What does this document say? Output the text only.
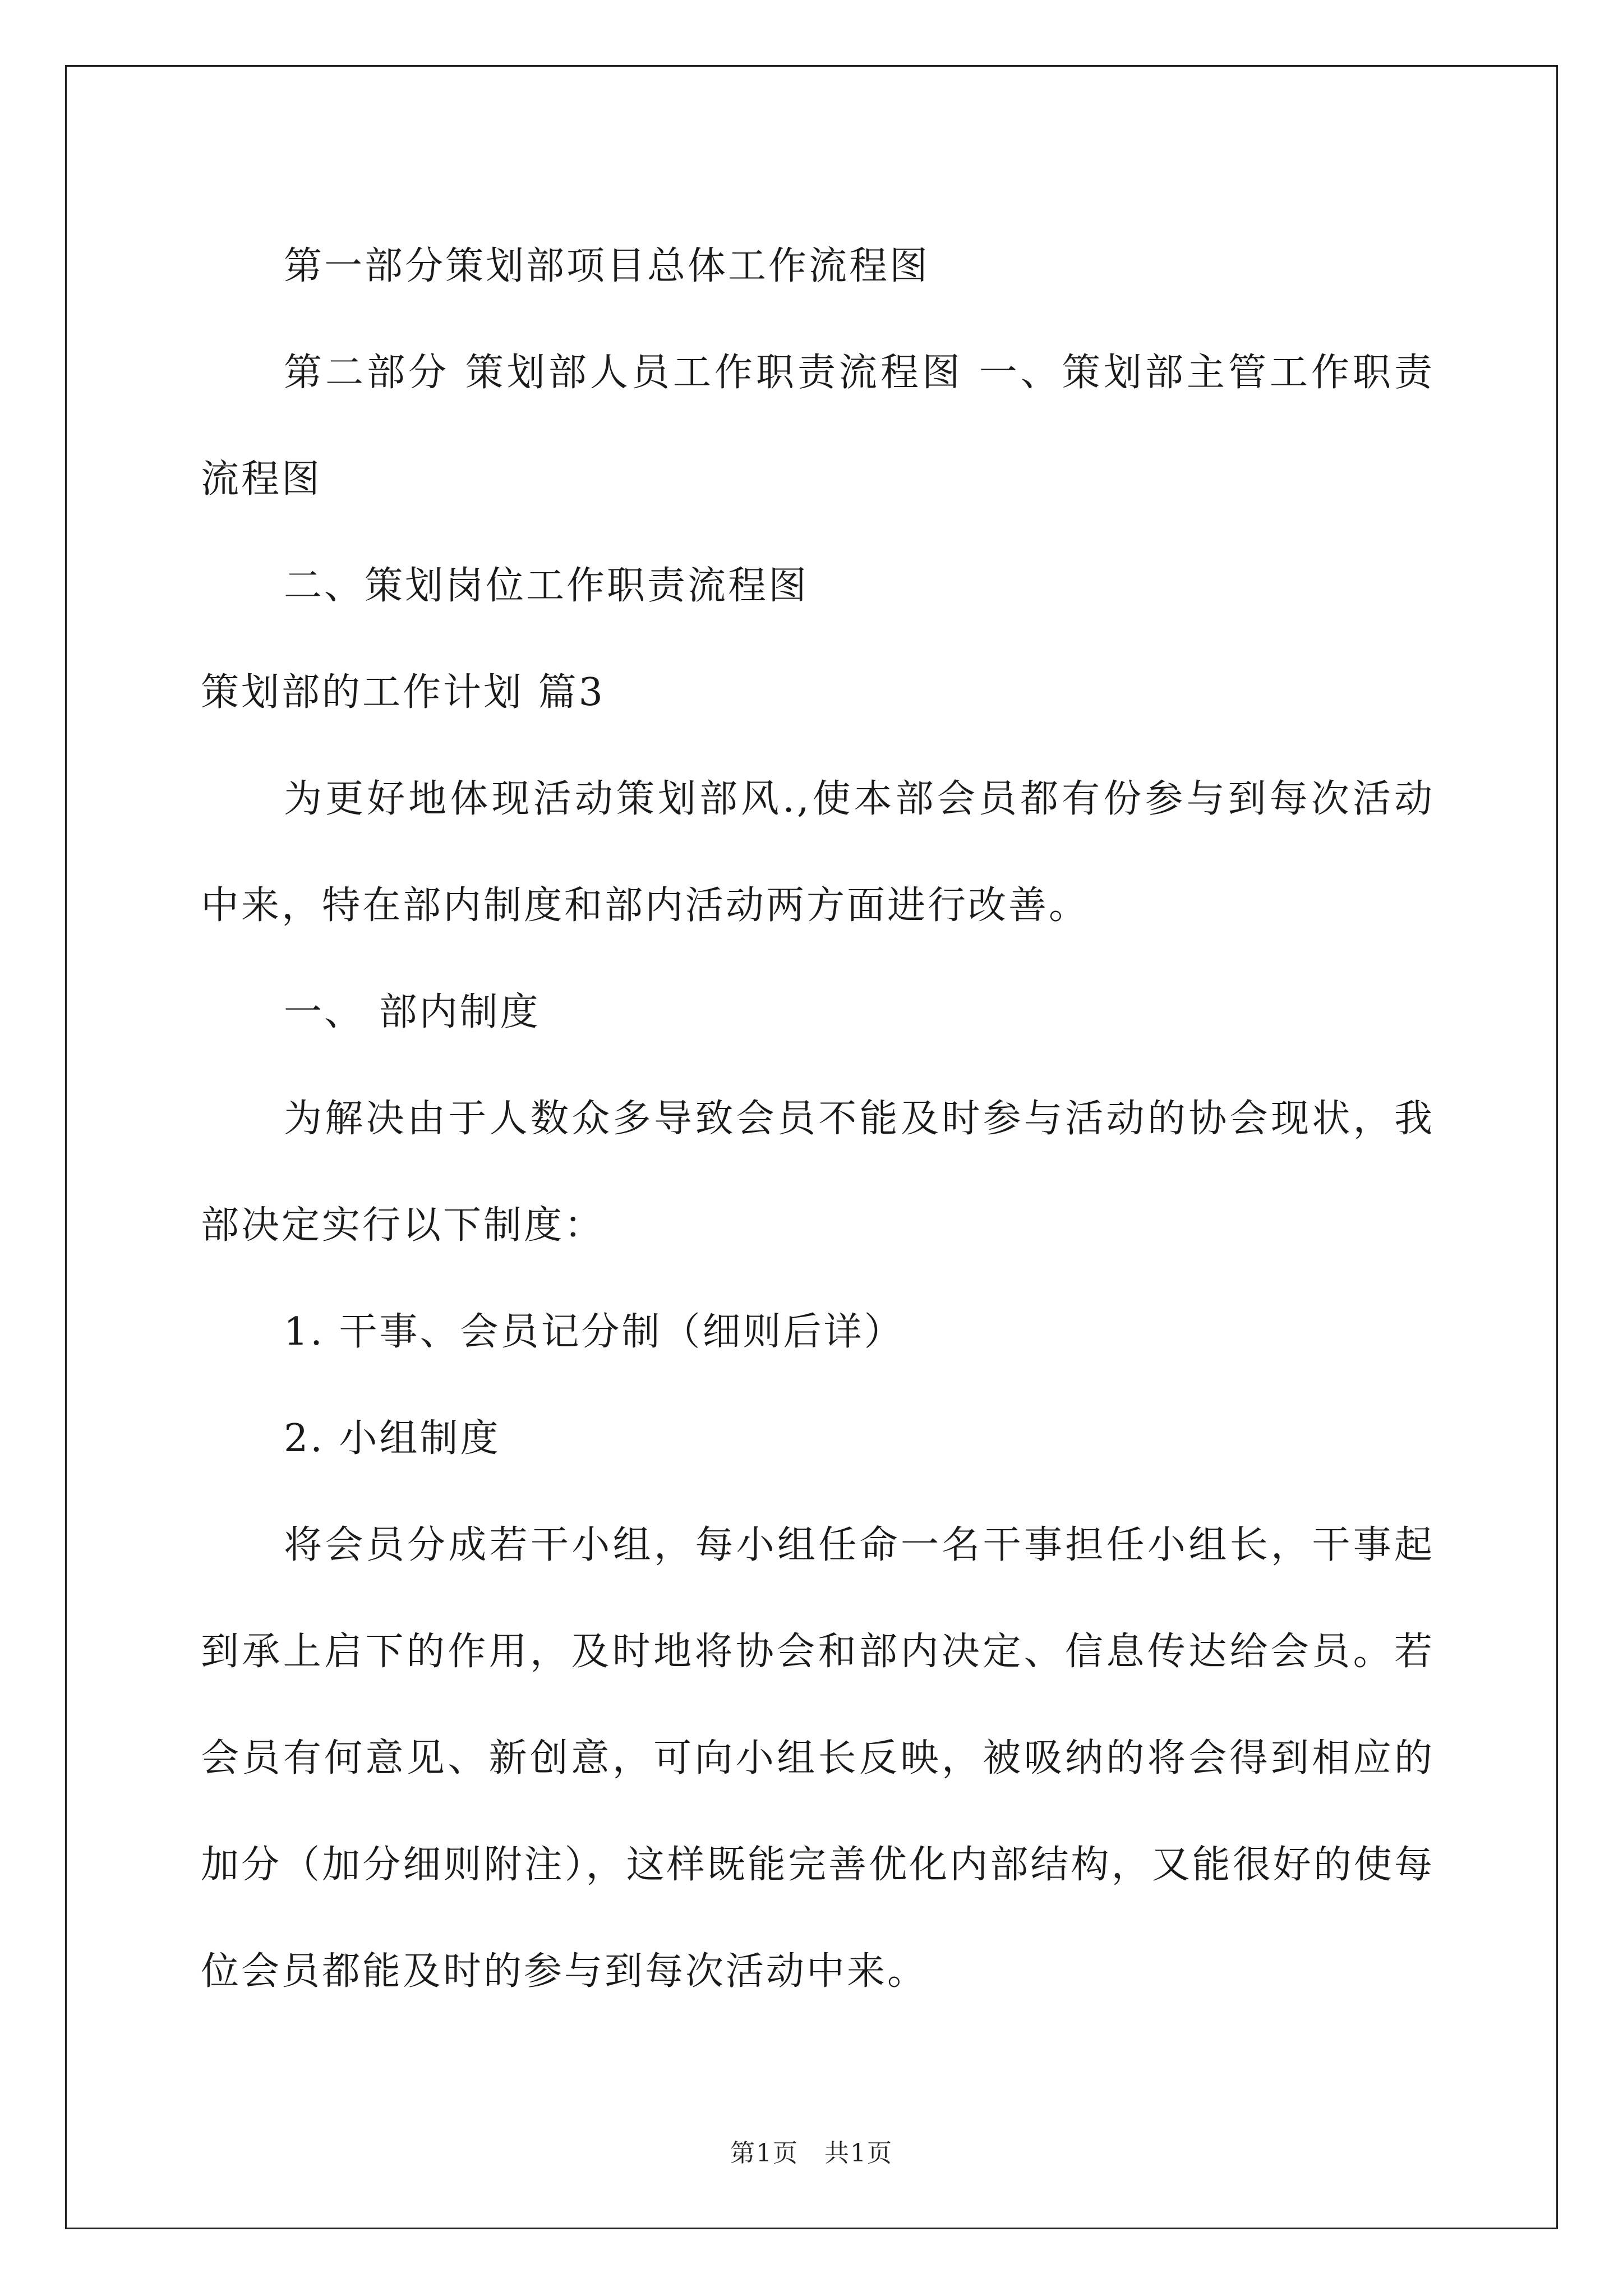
第一部分策划部项目总体工作流程图

第二部分 策划部人员工作职责流程图 一、策划部主管工作职责流程图

二、策划岗位工作职责流程图

策划部的工作计划 篇3

为更好地体现活动策划部风.,使本部会员都有份参与到每次活动中来，特在部内制度和部内活动两方面进行改善。

一、 部内制度

为解决由于人数众多导致会员不能及时参与活动的协会现状，我部决定实行以下制度：

1. 干事、会员记分制（细则后详）

2. 小组制度

将会员分成若干小组，每小组任命一名干事担任小组长，干事起到承上启下的作用，及时地将协会和部内决定、信息传达给会员。若会员有何意见、新创意，可向小组长反映，被吸纳的将会得到相应的加分（加分细则附注），这样既能完善优化内部结构，又能很好的使每位会员都能及时的参与到每次活动中来。

第1页　共1页
